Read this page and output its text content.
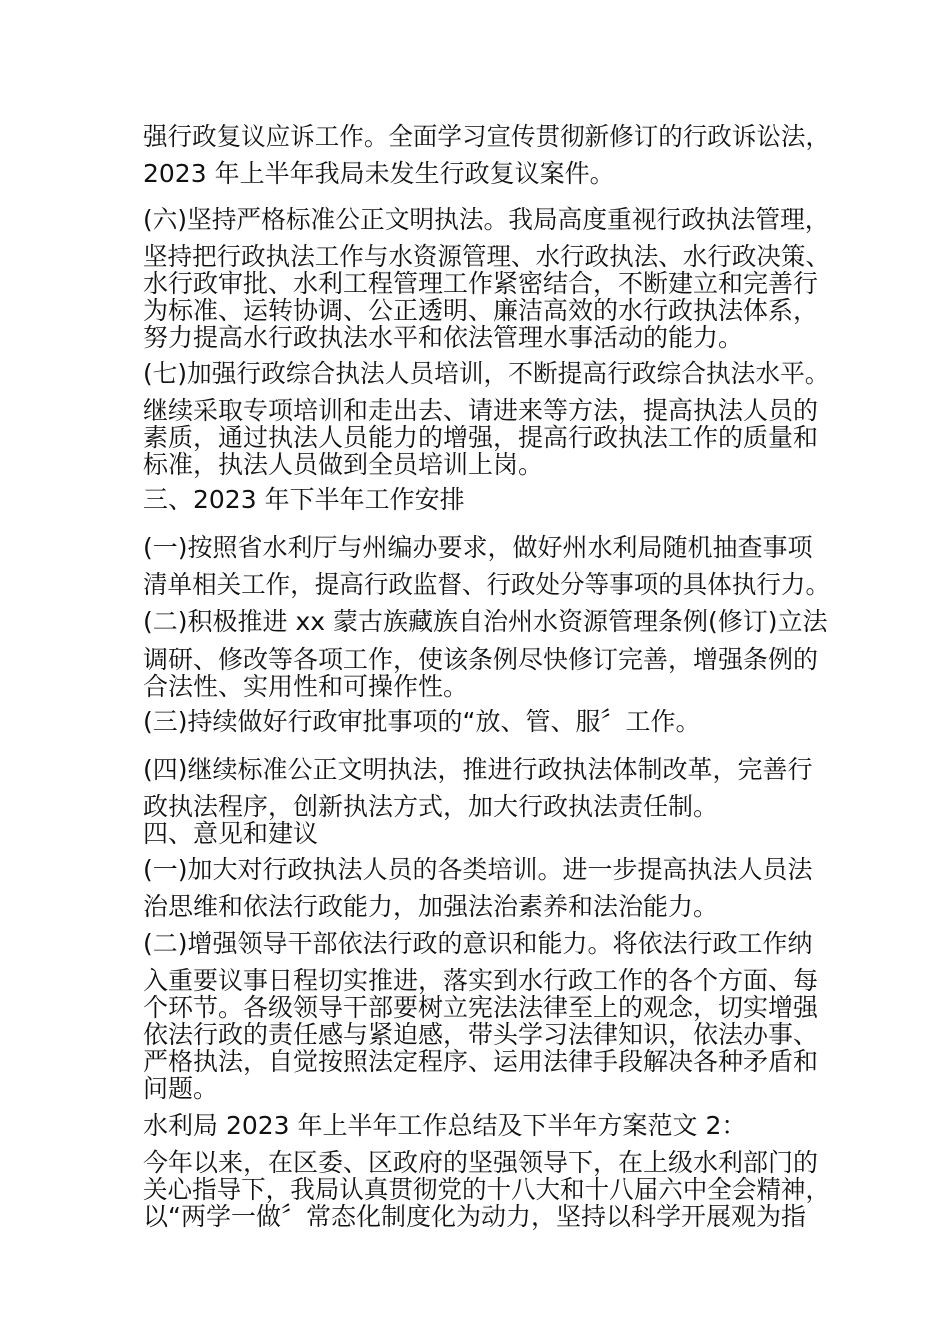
强行政复议应诉工作。全面学习宣传贯彻新修订的行政诉讼法，
2023 年上半年我局未发生行政复议案件。
(六)坚持严格标准公正文明执法。我局高度重视行政执法管理，
坚持把行政执法工作与水资源管理、水行政执法、水行政决策、
水行政审批、水利工程管理工作紧密结合，不断建立和完善行
为标准、运转协调、公正透明、廉洁高效的水行政执法体系，
努力提高水行政执法水平和依法管理水事活动的能力。
(七)加强行政综合执法人员培训，不断提高行政综合执法水平。
继续采取专项培训和走出去、请进来等方法，提高执法人员的
素质，通过执法人员能力的增强，提高行政执法工作的质量和
标准，执法人员做到全员培训上岗。
三、2023 年下半年工作安排
(一)按照省水利厅与州编办要求，做好州水利局随机抽查事项
清单相关工作，提高行政监督、行政处分等事项的具体执行力。
(二)积极推进 xx 蒙古族藏族自治州水资源管理条例(修订)立法
调研、修改等各项工作，使该条例尽快修订完善，增强条例的
合法性、实用性和可操作性。
(三)持续做好行政审批事项的“放、管、服〞工作。
(四)继续标准公正文明执法，推进行政执法体制改革，完善行
政执法程序，创新执法方式，加大行政执法责任制。
四、意见和建议
(一)加大对行政执法人员的各类培训。进一步提高执法人员法
治思维和依法行政能力，加强法治素养和法治能力。
(二)增强领导干部依法行政的意识和能力。将依法行政工作纳
入重要议事日程切实推进，落实到水行政工作的各个方面、每
个环节。各级领导干部要树立宪法法律至上的观念，切实增强
依法行政的责任感与紧迫感，带头学习法律知识，依法办事、
严格执法，自觉按照法定程序、运用法律手段解决各种矛盾和
问题。
水利局 2023 年上半年工作总结及下半年方案范文 2：
今年以来，在区委、区政府的坚强领导下，在上级水利部门的
关心指导下，我局认真贯彻党的十八大和十八届六中全会精神，
以“两学一做〞常态化制度化为动力，坚持以科学开展观为指
